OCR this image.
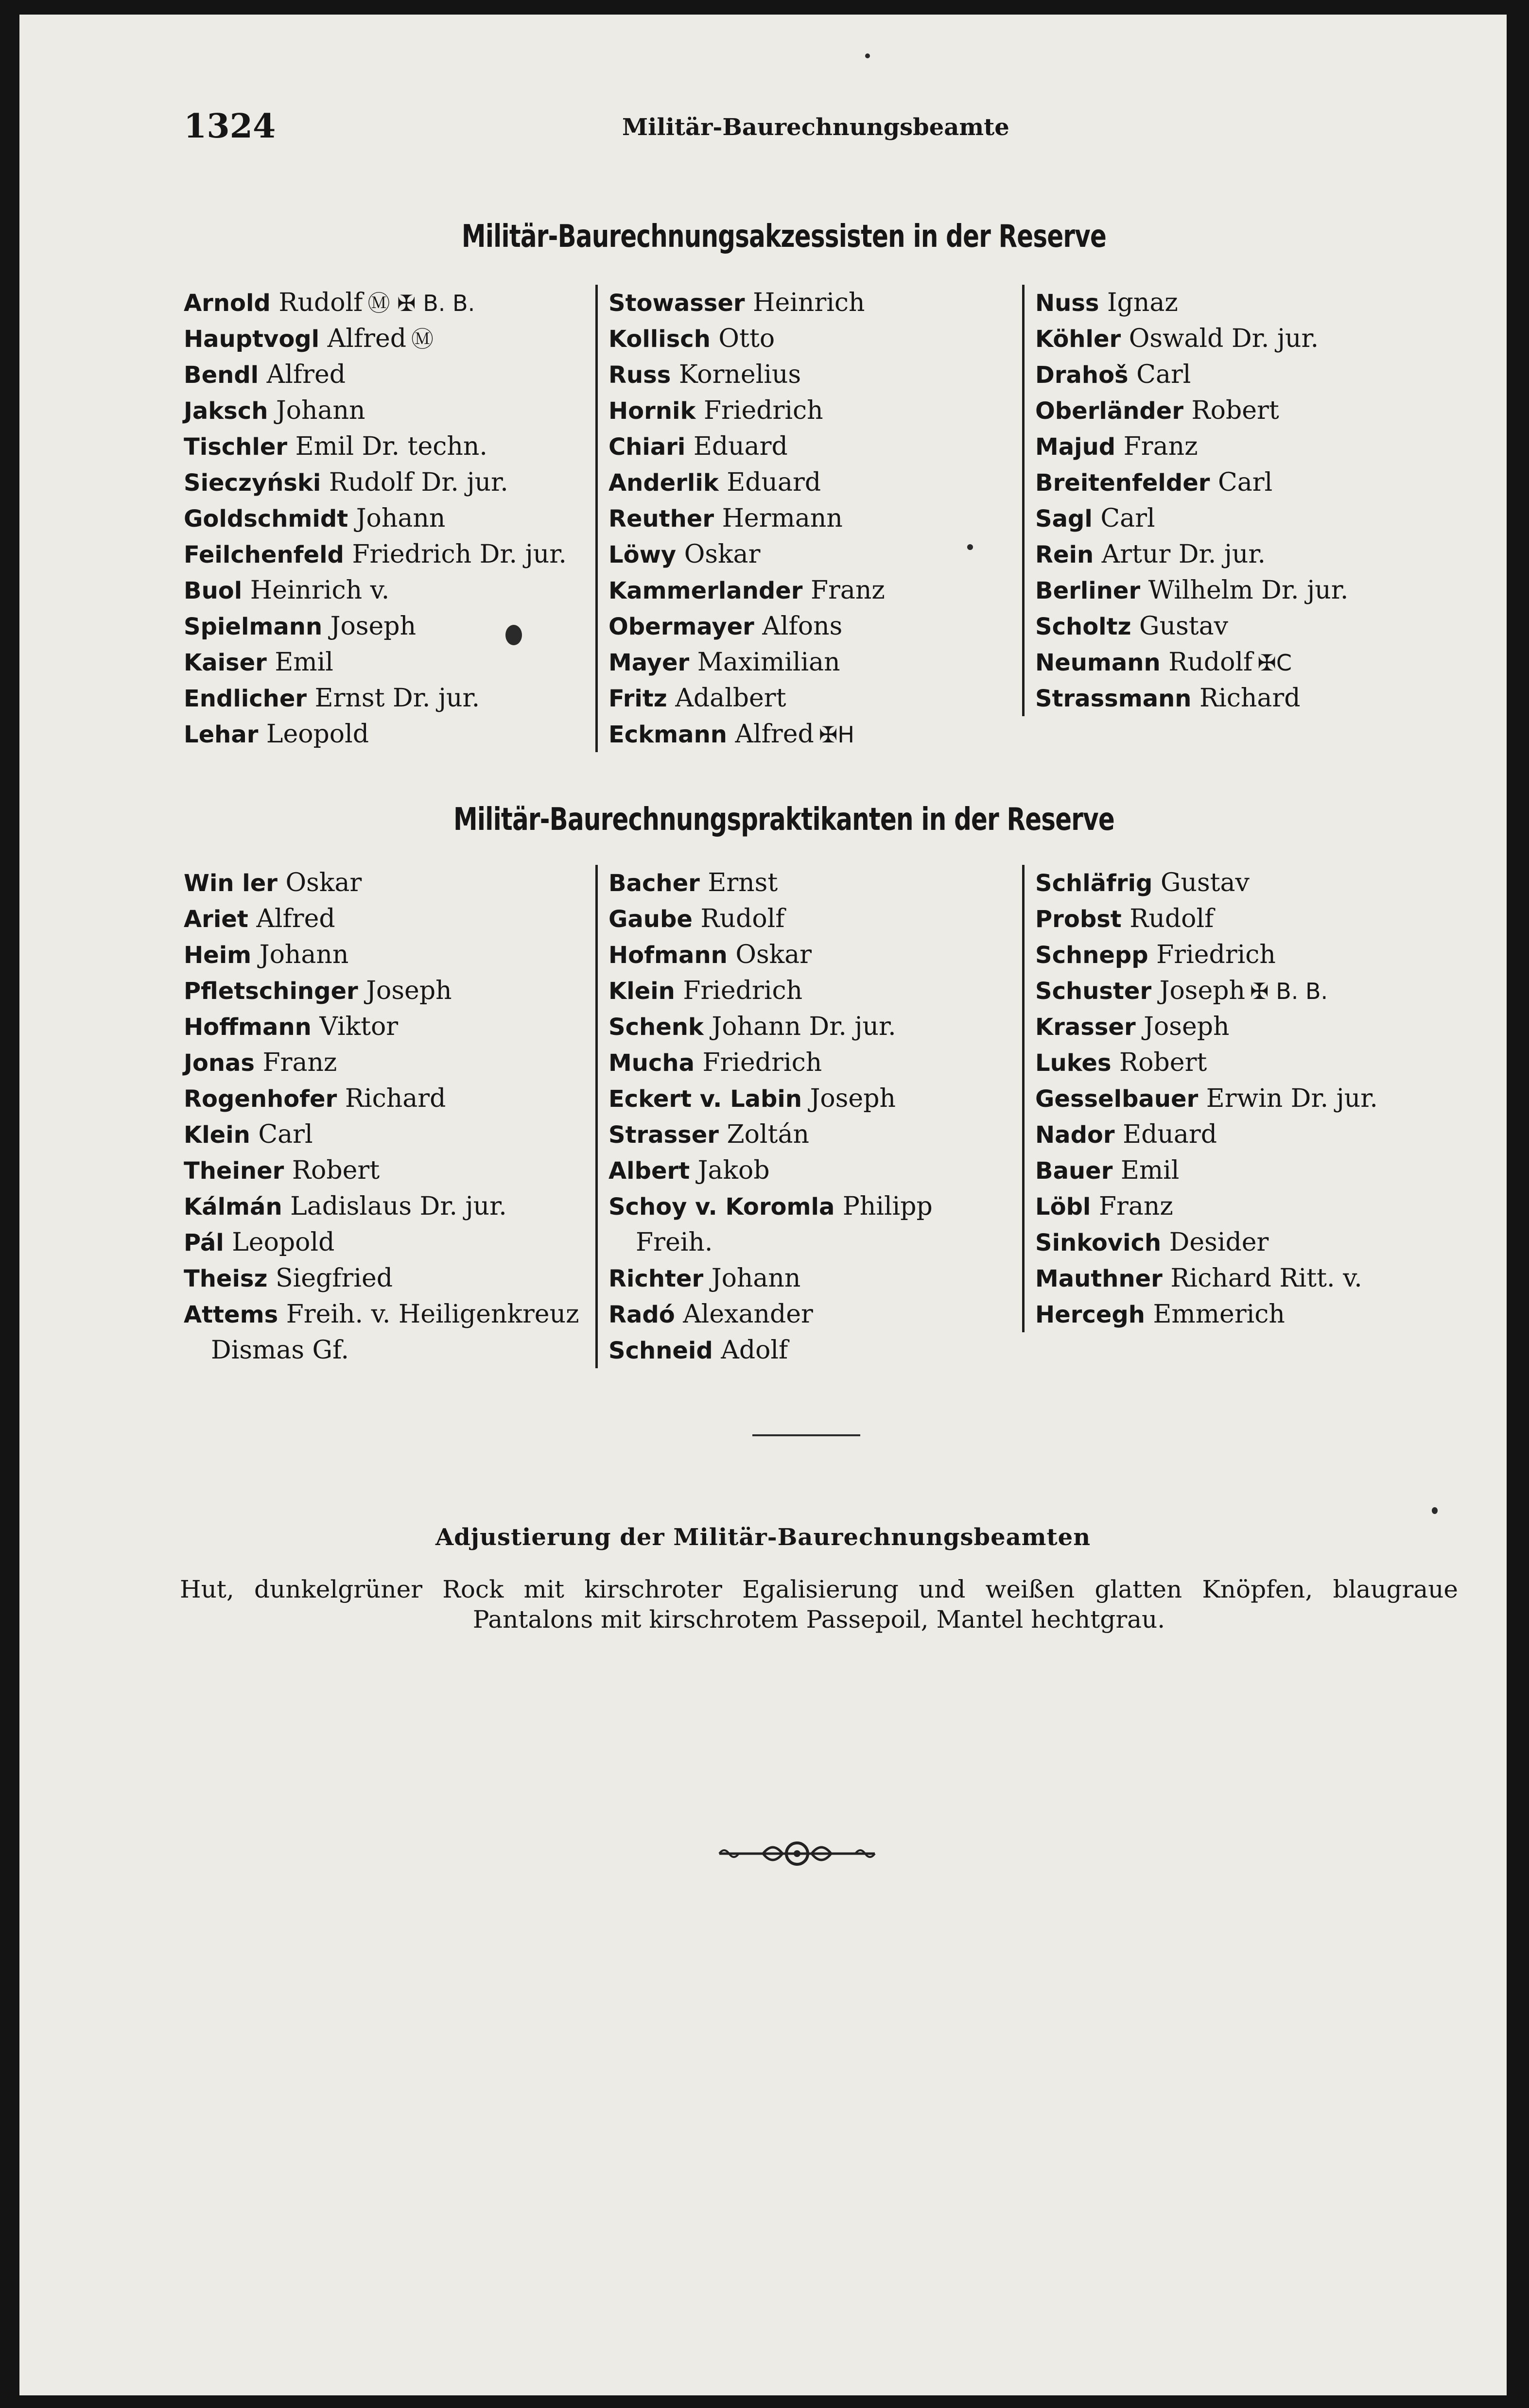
1324	Militär-Baurechnungsbeamte
Militär-Baurechnungsakzessisten in der Reserve
Arnold Rudolf Ⓜ ✠ B. B.
Hauptvogl Alfred Ⓜ
Bendl Alfred
Jaksch Johann
Tischler Emil Dr. techn.
Sieczyński Rudolf Dr. jur.
Goldschmidt Johann
Feilchenfeld Friedrich Dr. jur.
Buol Heinrich v.
Spielmann Joseph
Kaiser Emil
Endlicher Ernst Dr. jur.
Lehar Leopold
Stowasser Heinrich
Kollisch Otto
Russ Kornelius
Hornik Friedrich
Chiari Eduard
Anderlik Eduard
Reuther Hermann
Löwy Oskar
Kammerlander Franz
Obermayer Alfons
Mayer Maximilian
Fritz Adalbert
Eckmann Alfred ✠H
Nuss Ignaz
Köhler Oswald Dr. jur.
Drahoš Carl
Oberländer Robert
Majud Franz
Breitenfelder Carl
Sagl Carl
Rein Artur Dr. jur.
Berliner Wilhelm Dr. jur.
Scholtz Gustav
Neumann Rudolf ✠C
Strassmann Richard
Militär-Baurechnungspraktikanten in der Reserve
Win ler Oskar
Ariet Alfred
Heim Johann
Pfletschinger Joseph
Hoffmann Viktor
Jonas Franz
Rogenhofer Richard
Klein Carl
Theiner Robert
Kálmán Ladislaus Dr. jur.
Pál Leopold
Theisz Siegfried
Attems Freih. v. Heiligenkreuz
Dismas Gf.
Bacher Ernst
Gaube Rudolf
Hofmann Oskar
Klein Friedrich
Schenk Johann Dr. jur.
Mucha Friedrich
Eckert v. Labin Joseph
Strasser Zoltán
Albert Jakob
Schoy v. Koromla Philipp
Freih.
Richter Johann
Radó Alexander
Schneid Adolf
Schläfrig Gustav
Probst Rudolf
Schnepp Friedrich
Schuster Joseph ✠ B. B.
Krasser Joseph
Lukes Robert
Gesselbauer Erwin Dr. jur.
Nador Eduard
Bauer Emil
Löbl Franz
Sinkovich Desider
Mauthner Richard Ritt. v.
Hercegh Emmerich
Adjustierung der Militär-Baurechnungsbeamten
Hut, dunkelgrüner Rock mit kirschroter Egalisierung und weißen glatten Knöpfen, blaugraue Pantalons mit kirschrotem Passepoil, Mantel hechtgrau.
